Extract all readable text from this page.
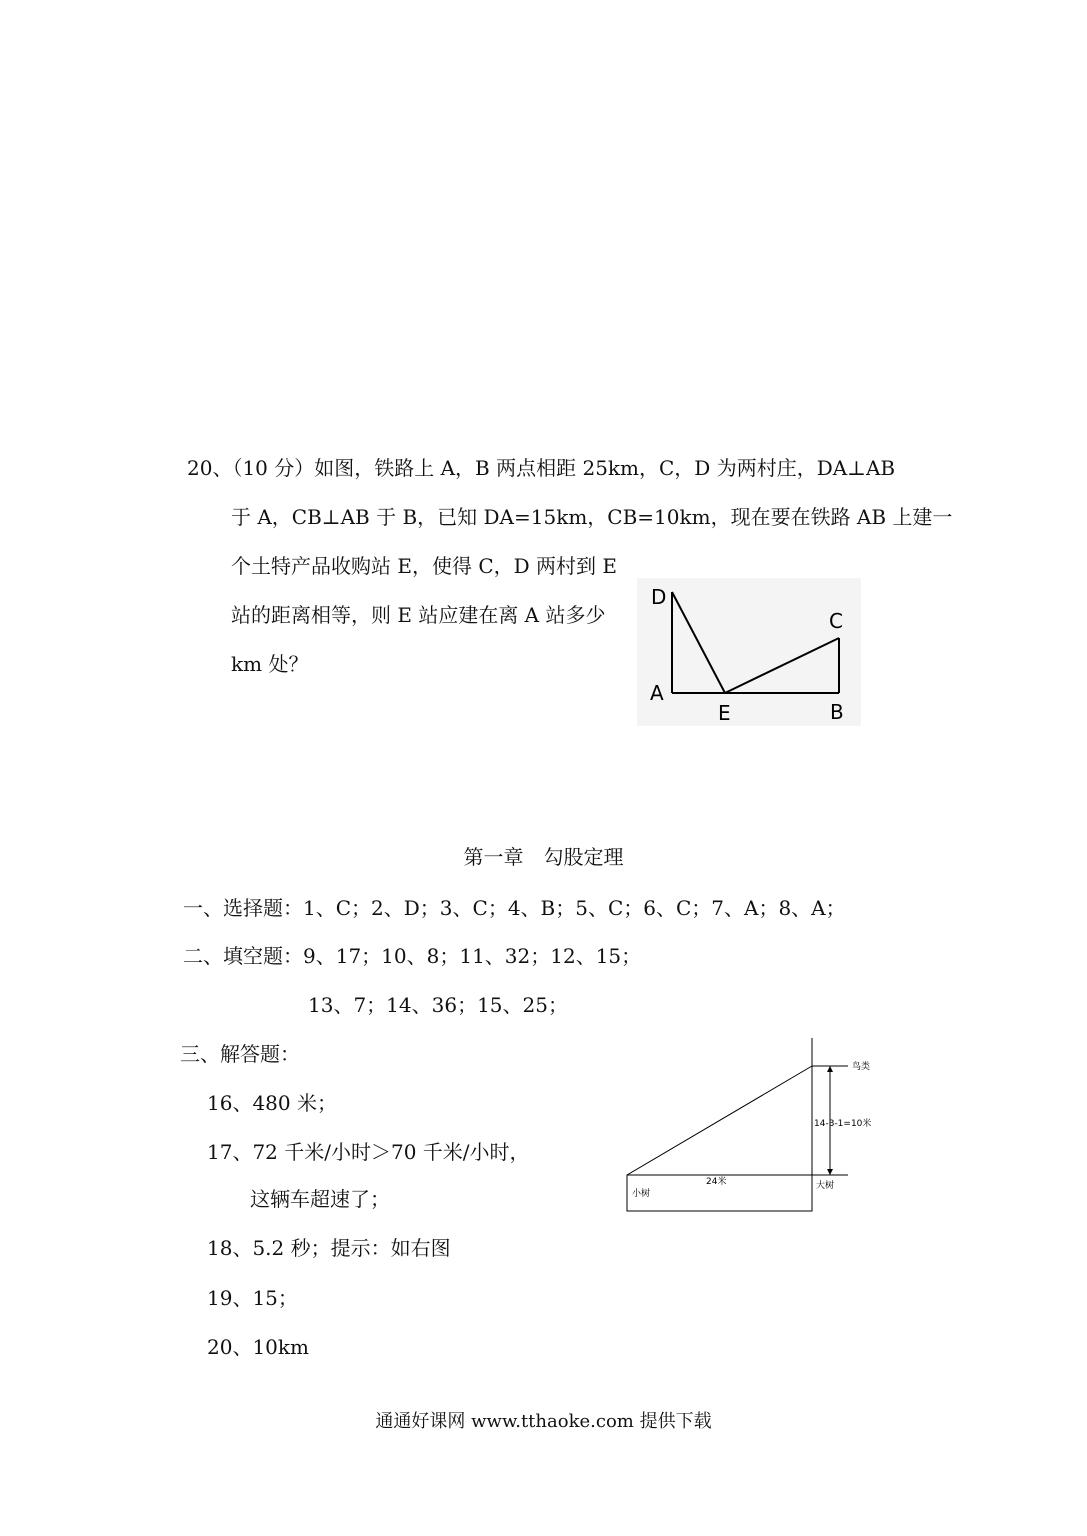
20、（10 分）如图，铁路上 A，B 两点相距 25km，C，D 为两村庄，DA⊥AB
于 A，CB⊥AB 于 B，已知 DA=15km，CB=10km，现在要在铁路 AB 上建一
个土特产品收购站 E，使得 C，D 两村到 E
站的距离相等，则 E 站应建在离 A 站多少
km 处？
D
C
A
E	B
第一章　勾股定理
一、选择题：1、C；2、D；3、C；4、B；5、C；6、C；7、A；8、A；
二、填空题：9、17；10、8；11、32；12、15；
13、7；14、36；15、25；
三、解答题：
16、480 米；
17、72 千米/小时＞70 千米/小时，
这辆车超速了；
18、5.2 秒；提示：如右图
19、15；
20、10km
鸟类
14-3-1=10米
24米
小树
大树
通通好课网 www.tthaoke.com 提供下载
